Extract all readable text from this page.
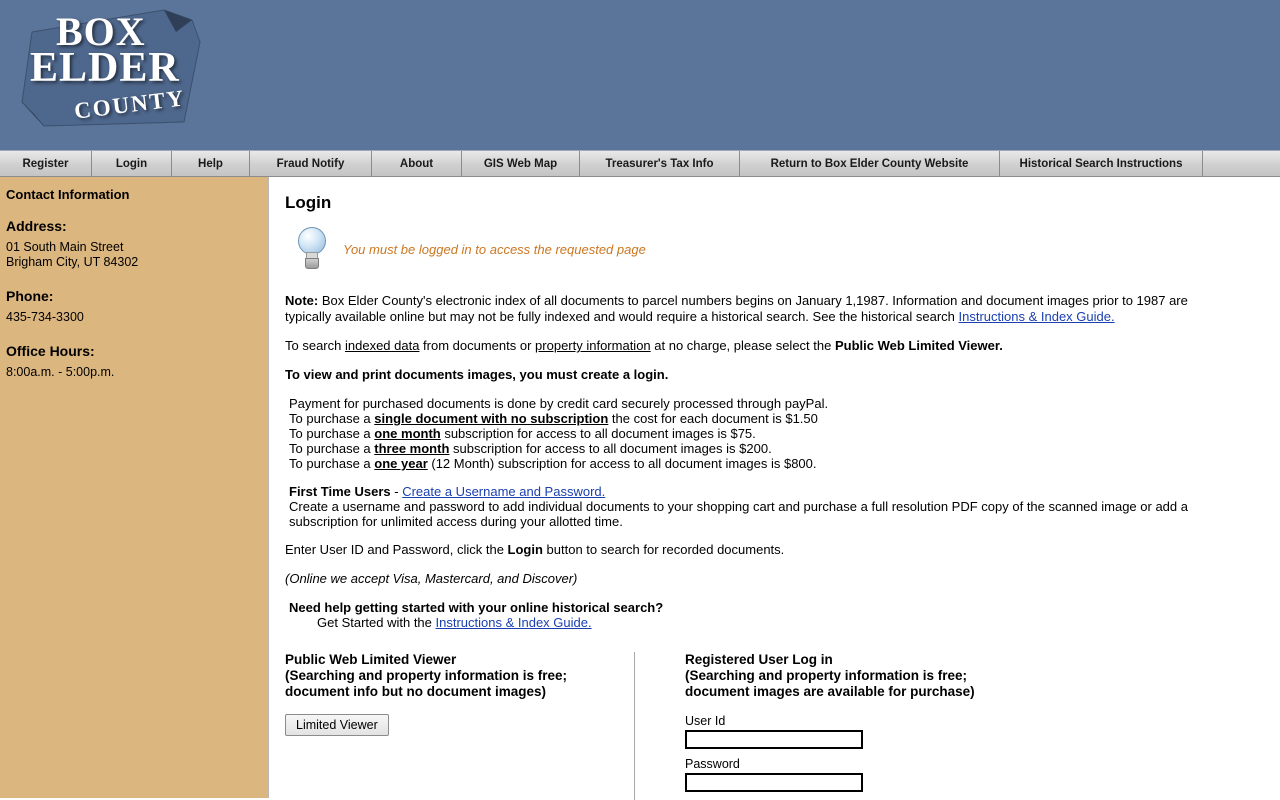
BOX
ELDER
COUNTY
Register	Login	Help	Fraud Notify	About	GIS Web Map	Treasurer's Tax Info	Return to Box Elder County Website	Historical Search Instructions
Contact Information
Address:
01 South Main Street
Brigham City, UT 84302
Phone:
435-734-3300
Office Hours:
8:00a.m. - 5:00p.m.
Login
You must be logged in to access the requested page

Note: Box Elder County's electronic index of all documents to parcel numbers begins on January 1,1987. Information and document images prior to 1987 are typically available online but may not be fully indexed and would require a historical search. See the historical search Instructions & Index Guide.

To search indexed data from documents or property information at no charge, please select the Public Web Limited Viewer.

To view and print documents images, you must create a login.

Payment for purchased documents is done by credit card securely processed through payPal.
To purchase a single document with no subscription the cost for each document is $1.50
To purchase a one month subscription for access to all document images is $75.
To purchase a three month subscription for access to all document images is $200.
To purchase a one year (12 Month) subscription for access to all document images is $800.
First Time Users - Create a Username and Password.
Create a username and password to add individual documents to your shopping cart and purchase a full resolution PDF copy of the scanned image or add a subscription for unlimited access during your allotted time.

Enter User ID and Password, click the Login button to search for recorded documents.

(Online we accept Visa, Mastercard, and Discover)

Need help getting started with your online historical search?
Get Started with the Instructions & Index Guide.
Public Web Limited Viewer
(Searching and property information is free;
document info but no document images)
Limited Viewer
Registered User Log in
(Searching and property information is free;
document images are available for purchase)
User Id
Password
